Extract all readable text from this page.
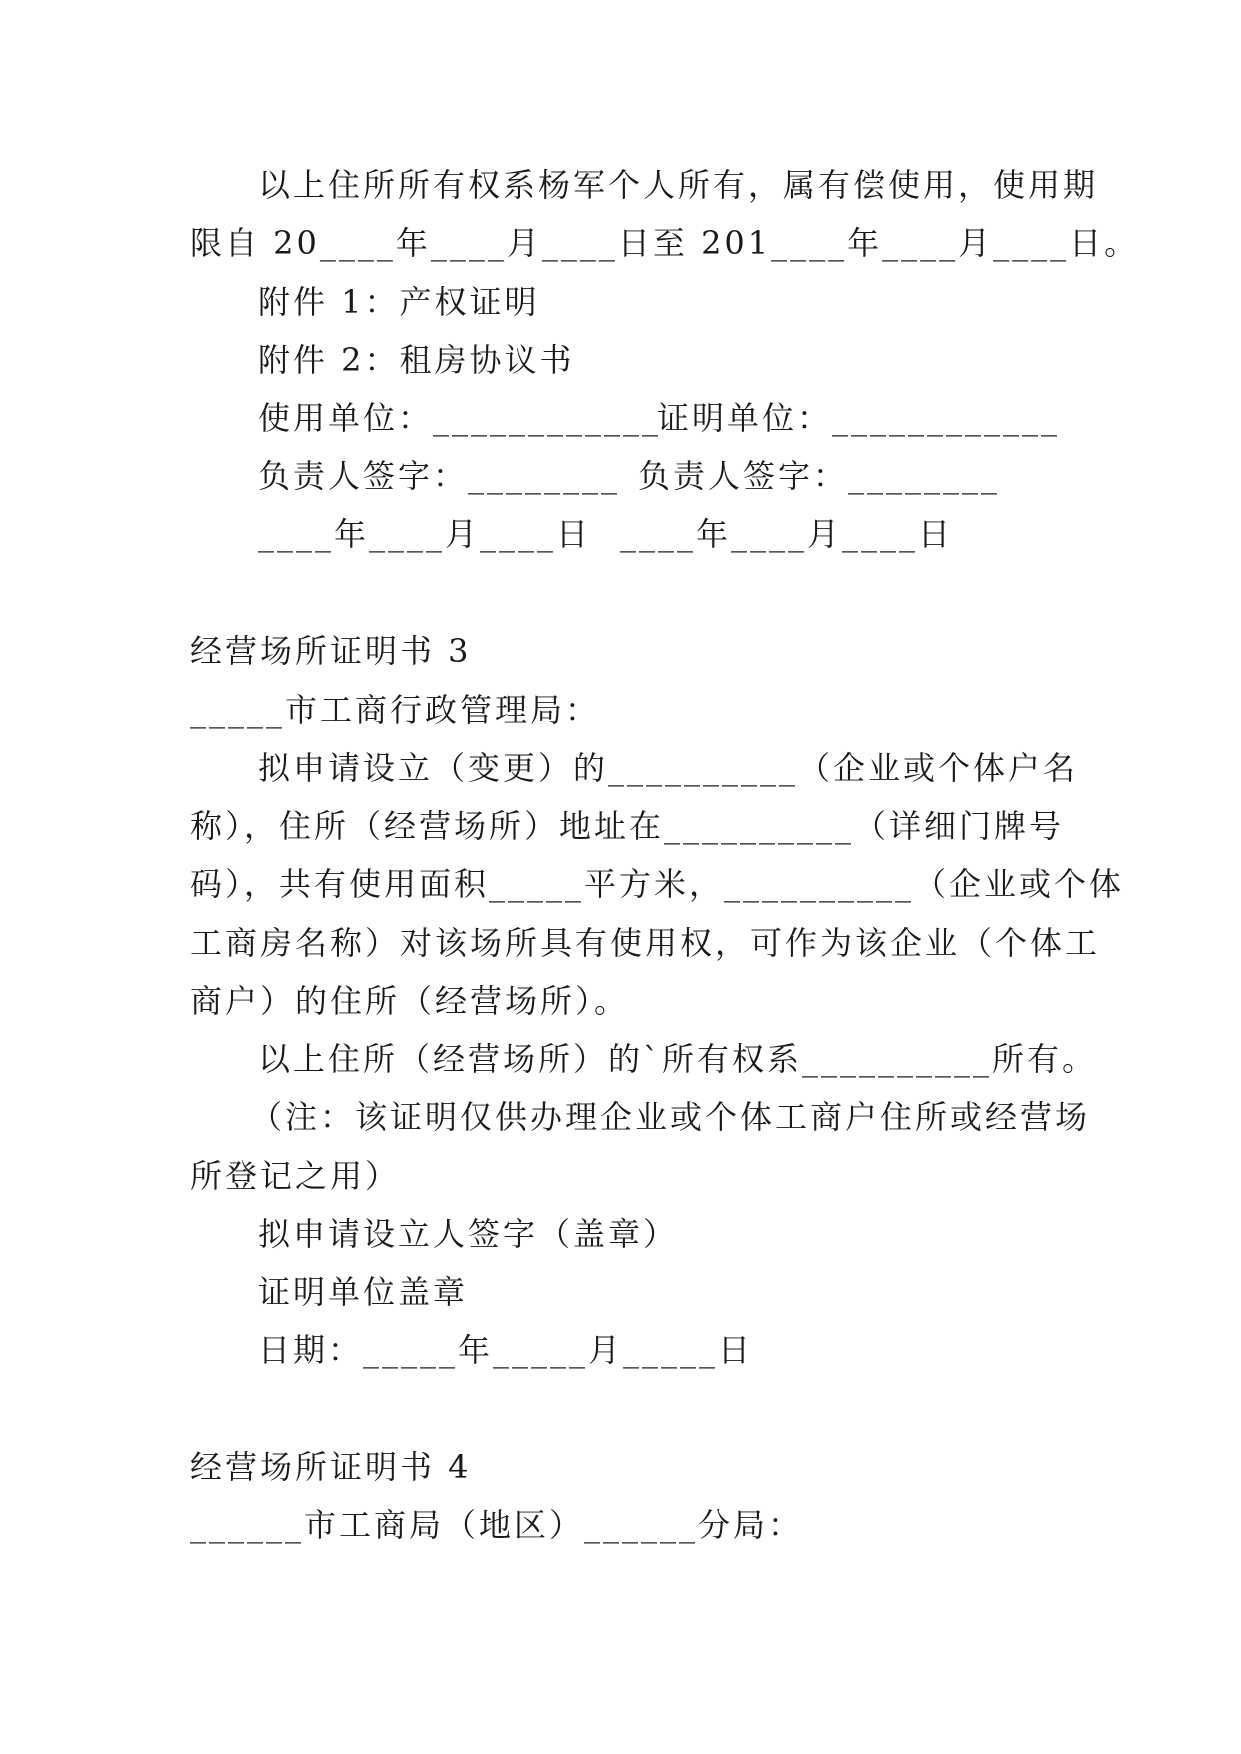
以上住所所有权系杨军个人所有，属有偿使用，使用期
限自 20____年____月____日至 201____年____月____日。
附件 1：产权证明
附件 2：租房协议书
使用单位：____________
证明单位：____________
负责人签字：________ 负责人签字：________
____年____月____日 ____年____月____日
经营场所证明书 3
_____市工商行政管理局：
拟申请设立（变更）的__________（企业或个体户名
称），住所（经营场所）地址在__________（详细门牌号
码），共有使用面积_____平方米，__________（企业或个体
工商房名称）对该场所具有使用权，可作为该企业（个体工
商户）的住所（经营场所）。
以上住所（经营场所）的`所有权系__________所有。
（注：该证明仅供办理企业或个体工商户住所或经营场
所登记之用）
拟申请设立人签字（盖章）
证明单位盖章
日期：_____年_____月_____日
经营场所证明书 4
______市工商局（地区）______分局：
